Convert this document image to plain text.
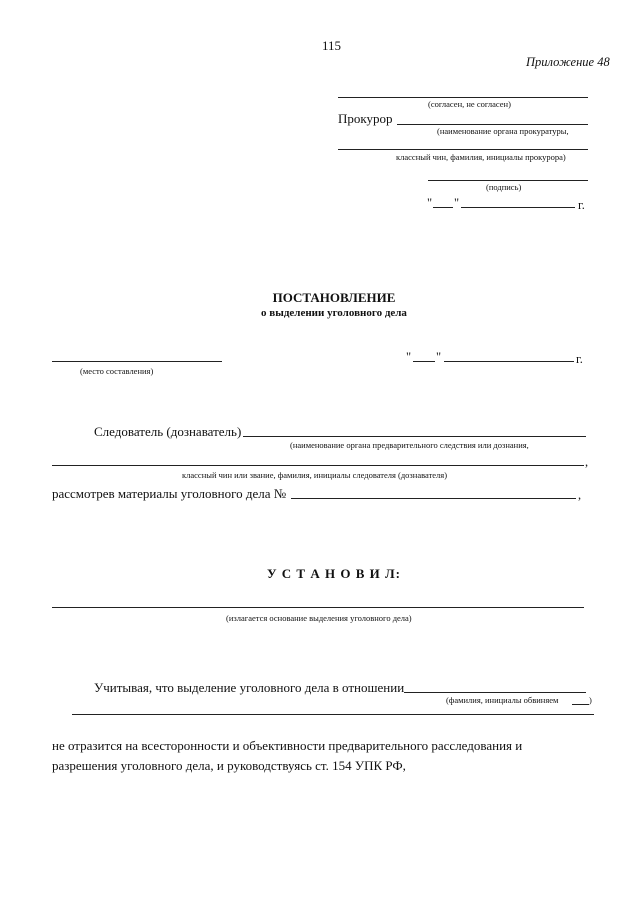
115
Приложение 48
(согласен, не согласен)
Прокурор
(наименование органа прокуратуры,
классный чин, фамилия, инициалы прокурора)
(подпись)
" "	г.
ПОСТАНОВЛЕНИЕ
о выделении уголовного дела
(место составления)
" "	г.
Следователь (дознаватель)
(наименование органа предварительного следствия или дознания,
,
классный чин или звание, фамилия, инициалы следователя (дознавателя)
рассмотрев материалы уголовного дела №	,
У С Т А Н О В И Л:
(излагается основание выделения уголовного дела)
Учитывая, что выделение уголовного дела в отношении
(фамилия, инициалы обвиняем	)
не отразится на всесторонности и объективности предварительного расследования и
разрешения уголовного дела, и руководствуясь ст. 154 УПК РФ,
